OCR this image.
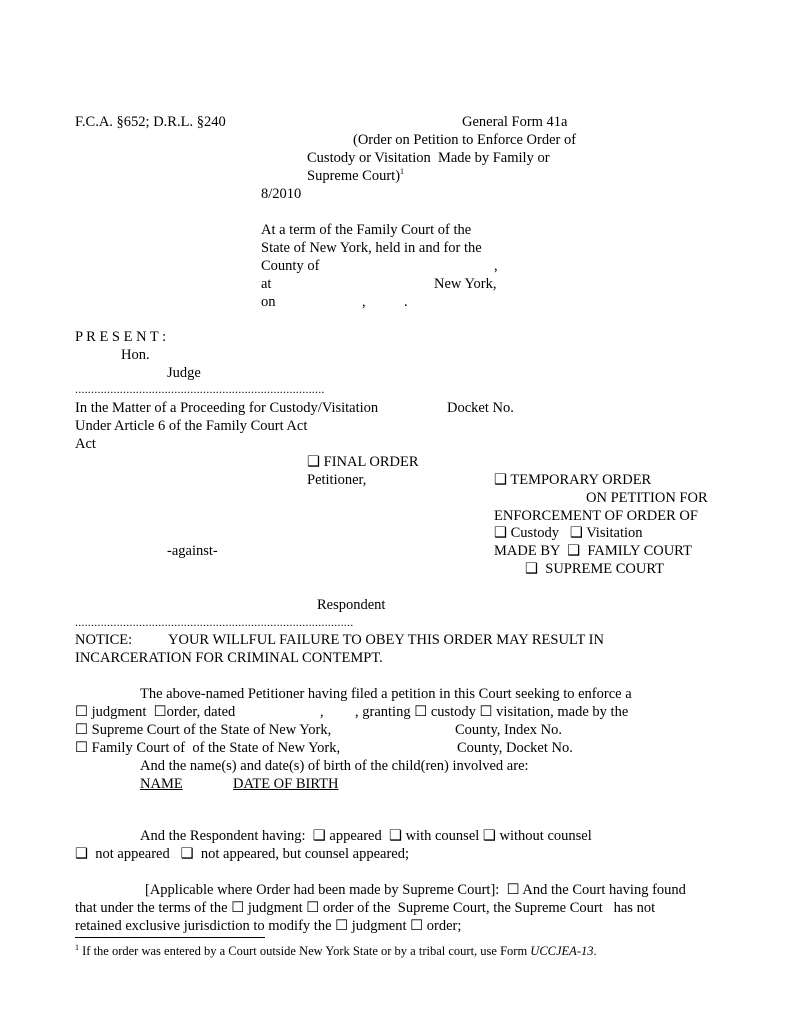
F.C.A. §652; D.R.L. §240	General Form 41a
(Order on Petition to Enforce Order of
Custody or Visitation  Made by Family or
Supreme Court)$^1$
8/2010
At a term of the Family Court of the
State of New York, held in and for the
County of	,
at	New York,
on	,	.
P R E S E N T :
Hon.
Judge
..............................................................................
In the Matter of a Proceeding for Custody/Visitation	Docket No.
Under Article 6 of the Family Court Act
Act
❑ FINAL ORDER
Petitioner,	❑ TEMPORARY ORDER
ON PETITION FOR
ENFORCEMENT OF ORDER OF
❑ Custody   ❑ Visitation
-against-	MADE BY  ❑  FAMILY COURT
❑  SUPREME COURT
Respondent
.......................................................................................
NOTICE: YOUR WILLFUL FAILURE TO OBEY THIS ORDER MAY RESULT IN
INCARCERATION FOR CRIMINAL CONTEMPT.
The above-named Petitioner having filed a petition in this Court seeking to enforce a
☐ judgment  ☐order, dated	, , granting ☐ custody ☐ visitation, made by the
☐ Supreme Court of the State of New York,	County, Index No.
☐ Family Court of  of the State of New York,	County, Docket No.
And the name(s) and date(s) of birth of the child(ren) involved are:
NAME	DATE OF BIRTH
And the Respondent having:  ❑ appeared  ❑ with counsel ❑ without counsel
❑  not appeared   ❑  not appeared, but counsel appeared;
[Applicable where Order had been made by Supreme Court]:  ☐ And the Court having found
that under the terms of the ☐ judgment ☐ order of the  Supreme Court, the Supreme Court   has not
retained exclusive jurisdiction to modify the ☐ judgment ☐ order;
$^1$ If the order was entered by a Court outside New York State or by a tribal court, use Form UCCJEA-13.
